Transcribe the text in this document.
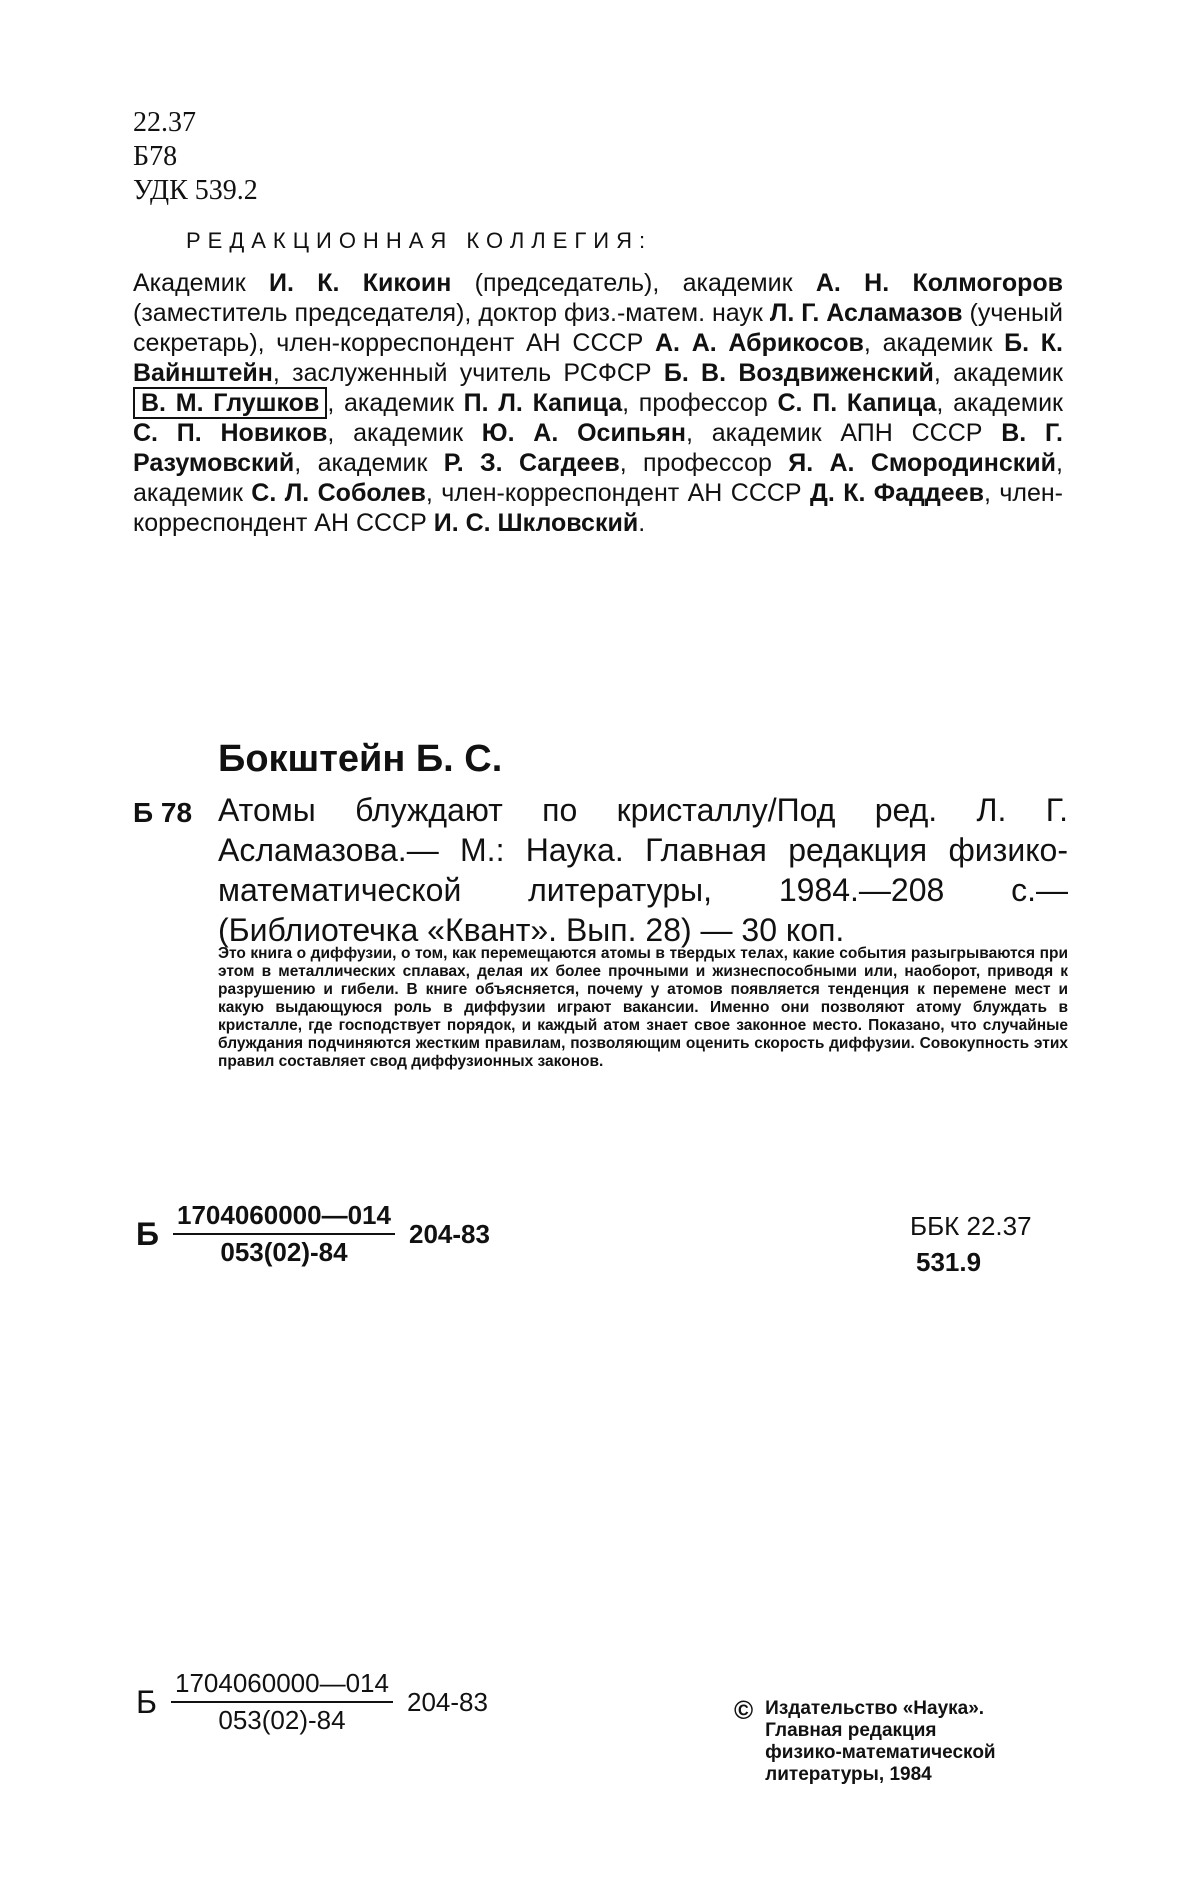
22.37
Б78
УДК 539.2
РЕДАКЦИОННАЯ КОЛЛЕГИЯ:
Академик И. К. Кикоин (председатель), академик А. Н. Колмогоров (заместитель председателя), доктор физ.-матем. наук Л. Г. Асламазов (ученый секретарь), член-корреспондент АН СССР А. А. Абрикосов, академик Б. К. Вайнштейн, заслуженный учитель РСФСР Б. В. Воздвиженский, академик В. М. Глушков , академик П. Л. Капица, профессор С. П. Капица, академик С. П. Новиков, академик Ю. А. Осипьян, академик АПН СССР В. Г. Разумовский, академик Р. З. Сагдеев, профессор Я. А. Смородинский, академик С. Л. Соболев, член-корреспондент АН СССР Д. К. Фаддеев, член-корреспондент АН СССР И. С. Шкловский.
Бокштейн Б. С.
Б 78 Атомы блуждают по кристаллу/Под ред. Л. Г. Асламазова.— М.: Наука. Главная редакция физико-математической литературы, 1984.—208 с.— (Библиотечка «Квант». Вып. 28) — 30 коп.
Это книга о диффузии, о том, как перемещаются атомы в твердых телах, какие события разыгрываются при этом в металлических сплавах, делая их более прочными и жизнеспособными или, наоборот, приводя к разрушению и гибели. В книге объясняется, почему у атомов появляется тенденция к перемене мест и какую выдающуюся роль в диффузии играют вакансии. Именно они позволяют атому блуждать в кристалле, где господствует порядок, и каждый атом знает свое законное место. Показано, что случайные блуждания подчиняются жестким правилам, позволяющим оценить скорость диффузии. Совокупность этих правил составляет свод диффузионных законов.
Б $\frac{1704060000—014}{053(02)-84} 204-83$	ББК 22.37
531.9
Б $\frac{1704060000—014}{053(02)-84} 204-83$	© Издательство «Наука».
Главная редакция
физико-математической
литературы, 1984
